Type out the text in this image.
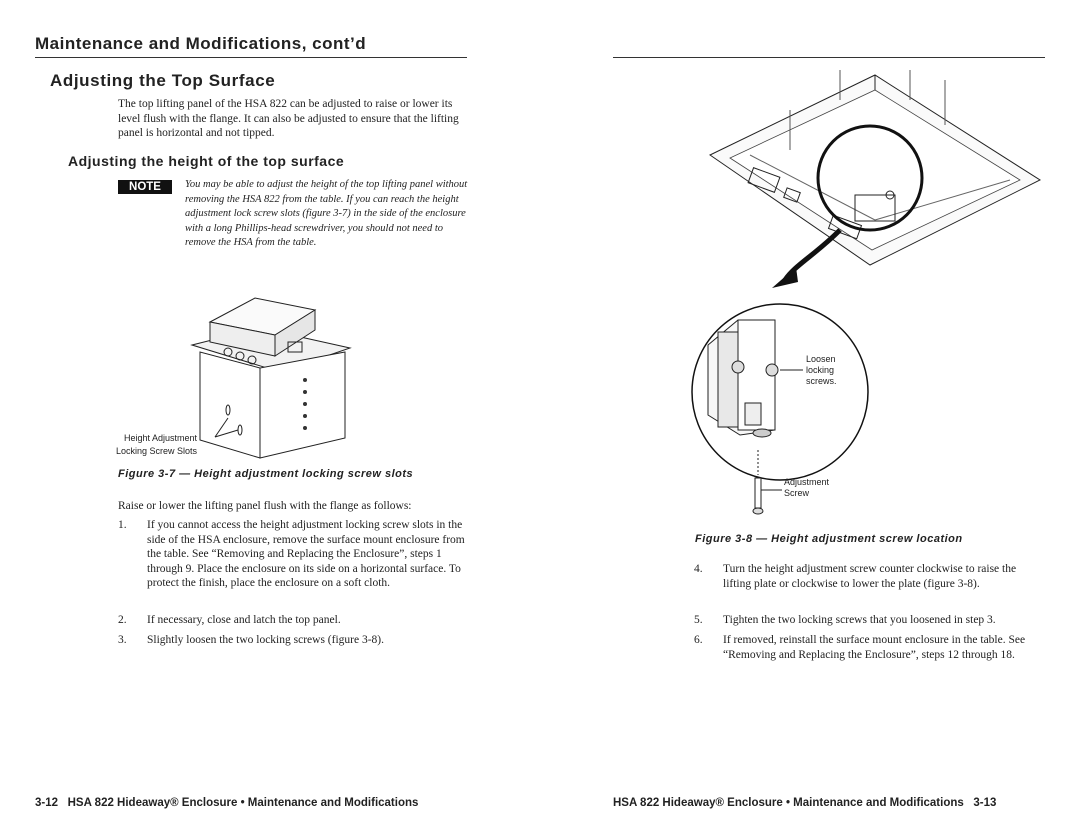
Maintenance and Modifications, cont’d
Adjusting the Top Surface
The top lifting panel of the HSA 822 can be adjusted to raise or lower its level flush with the flange. It can also be adjusted to ensure that the lifting panel is horizontal and not tipped.
Adjusting the height of the top surface
NOTE	You may be able to adjust the height of the top lifting panel without removing the HSA 822 from the table. If you can reach the height adjustment lock screw slots (figure 3-7) in the side of the enclosure with a long Phillips-head screwdriver, you should not need to remove the HSA from the table.
Height Adjustment
Locking Screw Slots
Figure 3-7 — Height adjustment locking screw slots
Raise or lower the lifting panel flush with the flange as follows:
1. If you cannot access the height adjustment locking screw slots in the side of the HSA enclosure, remove the surface mount enclosure from the table. See “Removing and Replacing the Enclosure”, steps 1 through 9. Place the enclosure on its side on a horizontal surface. To protect the finish, place the enclosure on a soft cloth.
2. If necessary, close and latch the top panel.
3. Slightly loosen the two locking screws (figure 3-8).
Loosen
locking
screws.
Adjustment
Screw
Figure 3-8 — Height adjustment screw location
4. Turn the height adjustment screw counter clockwise to raise the lifting plate or clockwise to lower the plate (figure 3-8).
5. Tighten the two locking screws that you loosened in step 3.
6. If removed, reinstall the surface mount enclosure in the table. See “Removing and Replacing the Enclosure”, steps 12 through 18.
3-12 HSA 822 Hideaway® Enclosure • Maintenance and Modifications	HSA 822 Hideaway® Enclosure • Maintenance and Modifications 3-13
